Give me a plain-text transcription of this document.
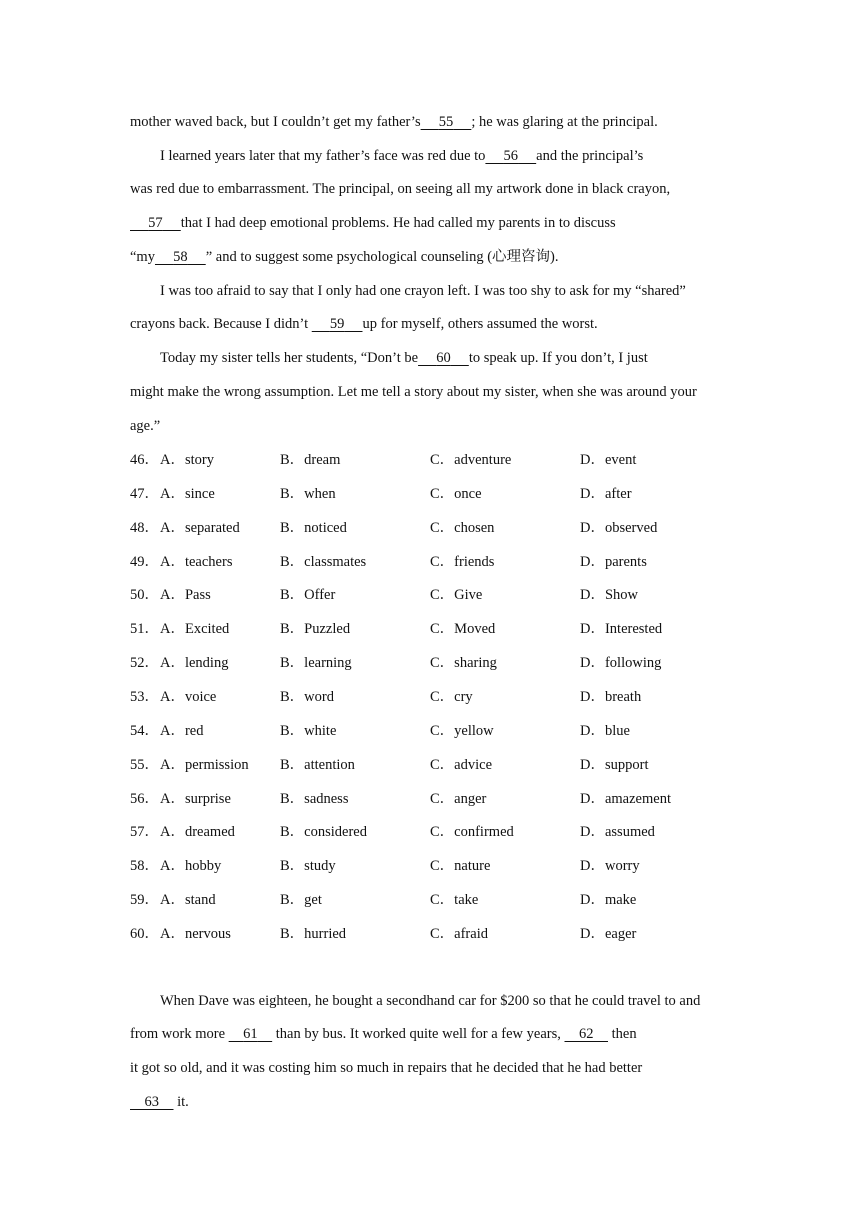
mother waved back, but I couldn’t get my father’s 55 ; he was glaring at the principal.
I learned years later that my father’s face was red due to 56 and the principal’s
was red due to embarrassment. The principal, on seeing all my artwork done in black crayon,
57 that I had deep emotional problems. He had called my parents in to discuss
“my 58 ” and to suggest some psychological counseling (心理咨询).
I was too afraid to say that I only had one crayon left. I was too shy to ask for my “shared”
crayons back. Because I didn’t 59 up for myself, others assumed the worst.
Today my sister tells her students, “Don’t be 60 to speak up. If you don’t, I just
might make the wrong assumption. Let me tell a story about my sister, when she was around your
age.”
46． A．story	B．dream	C．adventure	D．event
47． A．since	B．when	C．once	D．after
48． A．separated	B．noticed	C．chosen	D．observed
49． A．teachers	B．classmates	C．friends	D．parents
50． A．Pass	B．Offer	C．Give	D．Show
51． A．Excited	B．Puzzled	C．Moved	D．Interested
52． A．lending	B．learning	C．sharing	D．following
53． A．voice	B．word	C．cry	D．breath
54． A．red	B．white	C．yellow	D．blue
55． A．permission B．attention	C．advice	D．support
56． A．surprise	B．sadness	C．anger	D．amazement
57． A．dreamed	B．considered	C．confirmed	D．assumed
58． A．hobby	B．study	C．nature	D．worry
59． A．stand	B．get	C．take	D．make
60． A．nervous	B．hurried	C．afraid	D．eager
When Dave was eighteen, he bought a secondhand car for $200 so that he could travel to and
from work more 61 than by bus. It worked quite well for a few years, 62 then
it got so old, and it was costing him so much in repairs that he decided that he had better
63 it.
